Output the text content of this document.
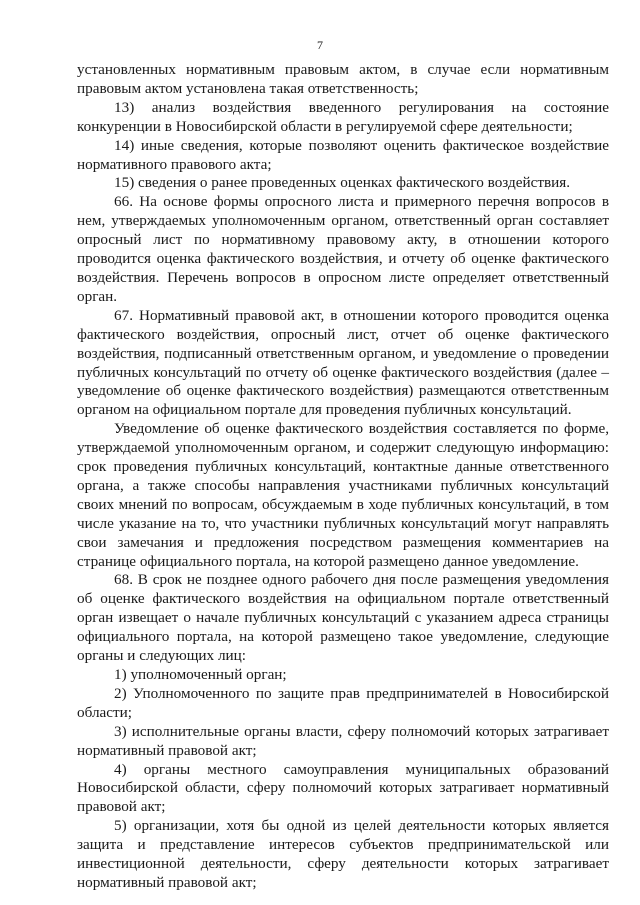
7

установленных нормативным правовым актом, в случае если нормативным правовым актом установлена такая ответственность;

13) анализ воздействия введенного регулирования на состояние конкуренции в Новосибирской области в регулируемой сфере деятельности;

14) иные сведения, которые позволяют оценить фактическое воздействие нормативного правового акта;

15) сведения о ранее проведенных оценках фактического воздействия.

66. На основе формы опросного листа и примерного перечня вопросов в нем, утверждаемых уполномоченным органом, ответственный орган составляет опросный лист по нормативному правовому акту, в отношении которого проводится оценка фактического воздействия, и отчету об оценке фактического воздействия. Перечень вопросов в опросном листе определяет ответственный орган.

67. Нормативный правовой акт, в отношении которого проводится оценка фактического воздействия, опросный лист, отчет об оценке фактического воздействия, подписанный ответственным органом, и уведомление о проведении публичных консультаций по отчету об оценке фактического воздействия (далее – уведомление об оценке фактического воздействия) размещаются ответственным органом на официальном портале для проведения публичных консультаций.

Уведомление об оценке фактического воздействия составляется по форме, утверждаемой уполномоченным органом, и содержит следующую информацию: срок проведения публичных консультаций, контактные данные ответственного органа, а также способы направления участниками публичных консультаций своих мнений по вопросам, обсуждаемым в ходе публичных консультаций, в том числе указание на то, что участники публичных консультаций могут направлять свои замечания и предложения посредством размещения комментариев на странице официального портала, на которой размещено данное уведомление.

68. В срок не позднее одного рабочего дня после размещения уведомления об оценке фактического воздействия на официальном портале ответственный орган извещает о начале публичных консультаций с указанием адреса страницы официального портала, на которой размещено такое уведомление, следующие органы и следующих лиц:

1) уполномоченный орган;

2) Уполномоченного по защите прав предпринимателей в Новосибирской области;

3) исполнительные органы власти, сферу полномочий которых затрагивает нормативный правовой акт;

4) органы местного самоуправления муниципальных образований Новосибирской области, сферу полномочий которых затрагивает нормативный правовой акт;

5) организации, хотя бы одной из целей деятельности которых является защита и представление интересов субъектов предпринимательской или инвестиционной деятельности, сферу деятельности которых затрагивает нормативный правовой акт;
